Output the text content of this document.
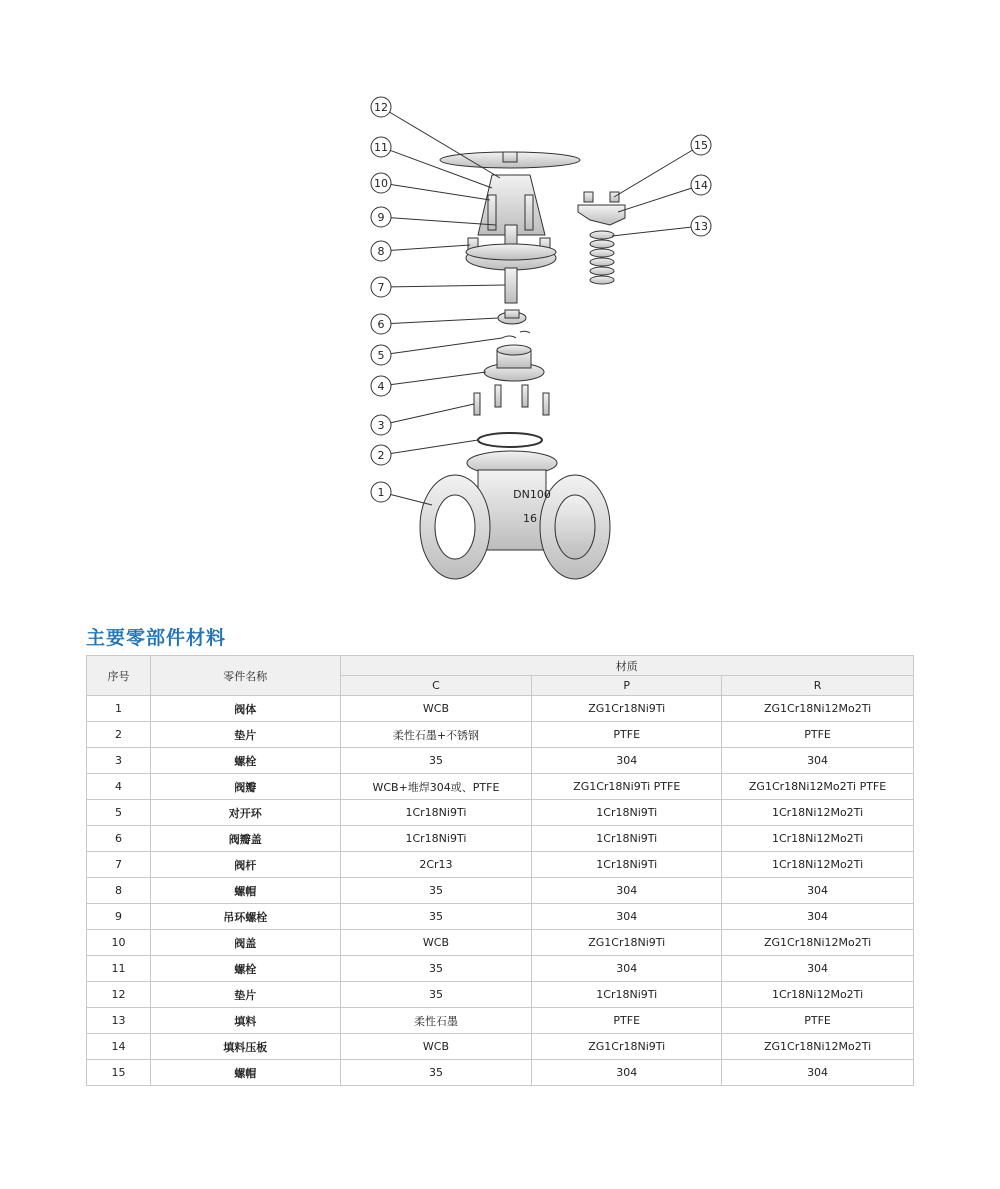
DN100
16
1
2
3
4
5
6
7
8
9
10
11
12
13
14
15
主要零部件材料
序号	零件名称	材质		
		C	P	R
1	阀体	WCB	ZG1Cr18Ni9Ti	ZG1Cr18Ni12Mo2Ti
2	垫片	柔性石墨+不锈钢	PTFE	PTFE
3	螺栓	35	304	304
4	阀瓣	WCB+堆焊304或、PTFE	ZG1Cr18Ni9Ti PTFE	ZG1Cr18Ni12Mo2Ti PTFE
5	对开环	1Cr18Ni9Ti	1Cr18Ni9Ti	1Cr18Ni12Mo2Ti
6	阀瓣盖	1Cr18Ni9Ti	1Cr18Ni9Ti	1Cr18Ni12Mo2Ti
7	阀杆	2Cr13	1Cr18Ni9Ti	1Cr18Ni12Mo2Ti
8	螺帽	35	304	304
9	吊环螺栓	35	304	304
10	阀盖	WCB	ZG1Cr18Ni9Ti	ZG1Cr18Ni12Mo2Ti
11	螺栓	35	304	304
12	垫片	35	1Cr18Ni9Ti	1Cr18Ni12Mo2Ti
13	填料	柔性石墨	PTFE	PTFE
14	填料压板	WCB	ZG1Cr18Ni9Ti	ZG1Cr18Ni12Mo2Ti
15	螺帽	35	304	304
